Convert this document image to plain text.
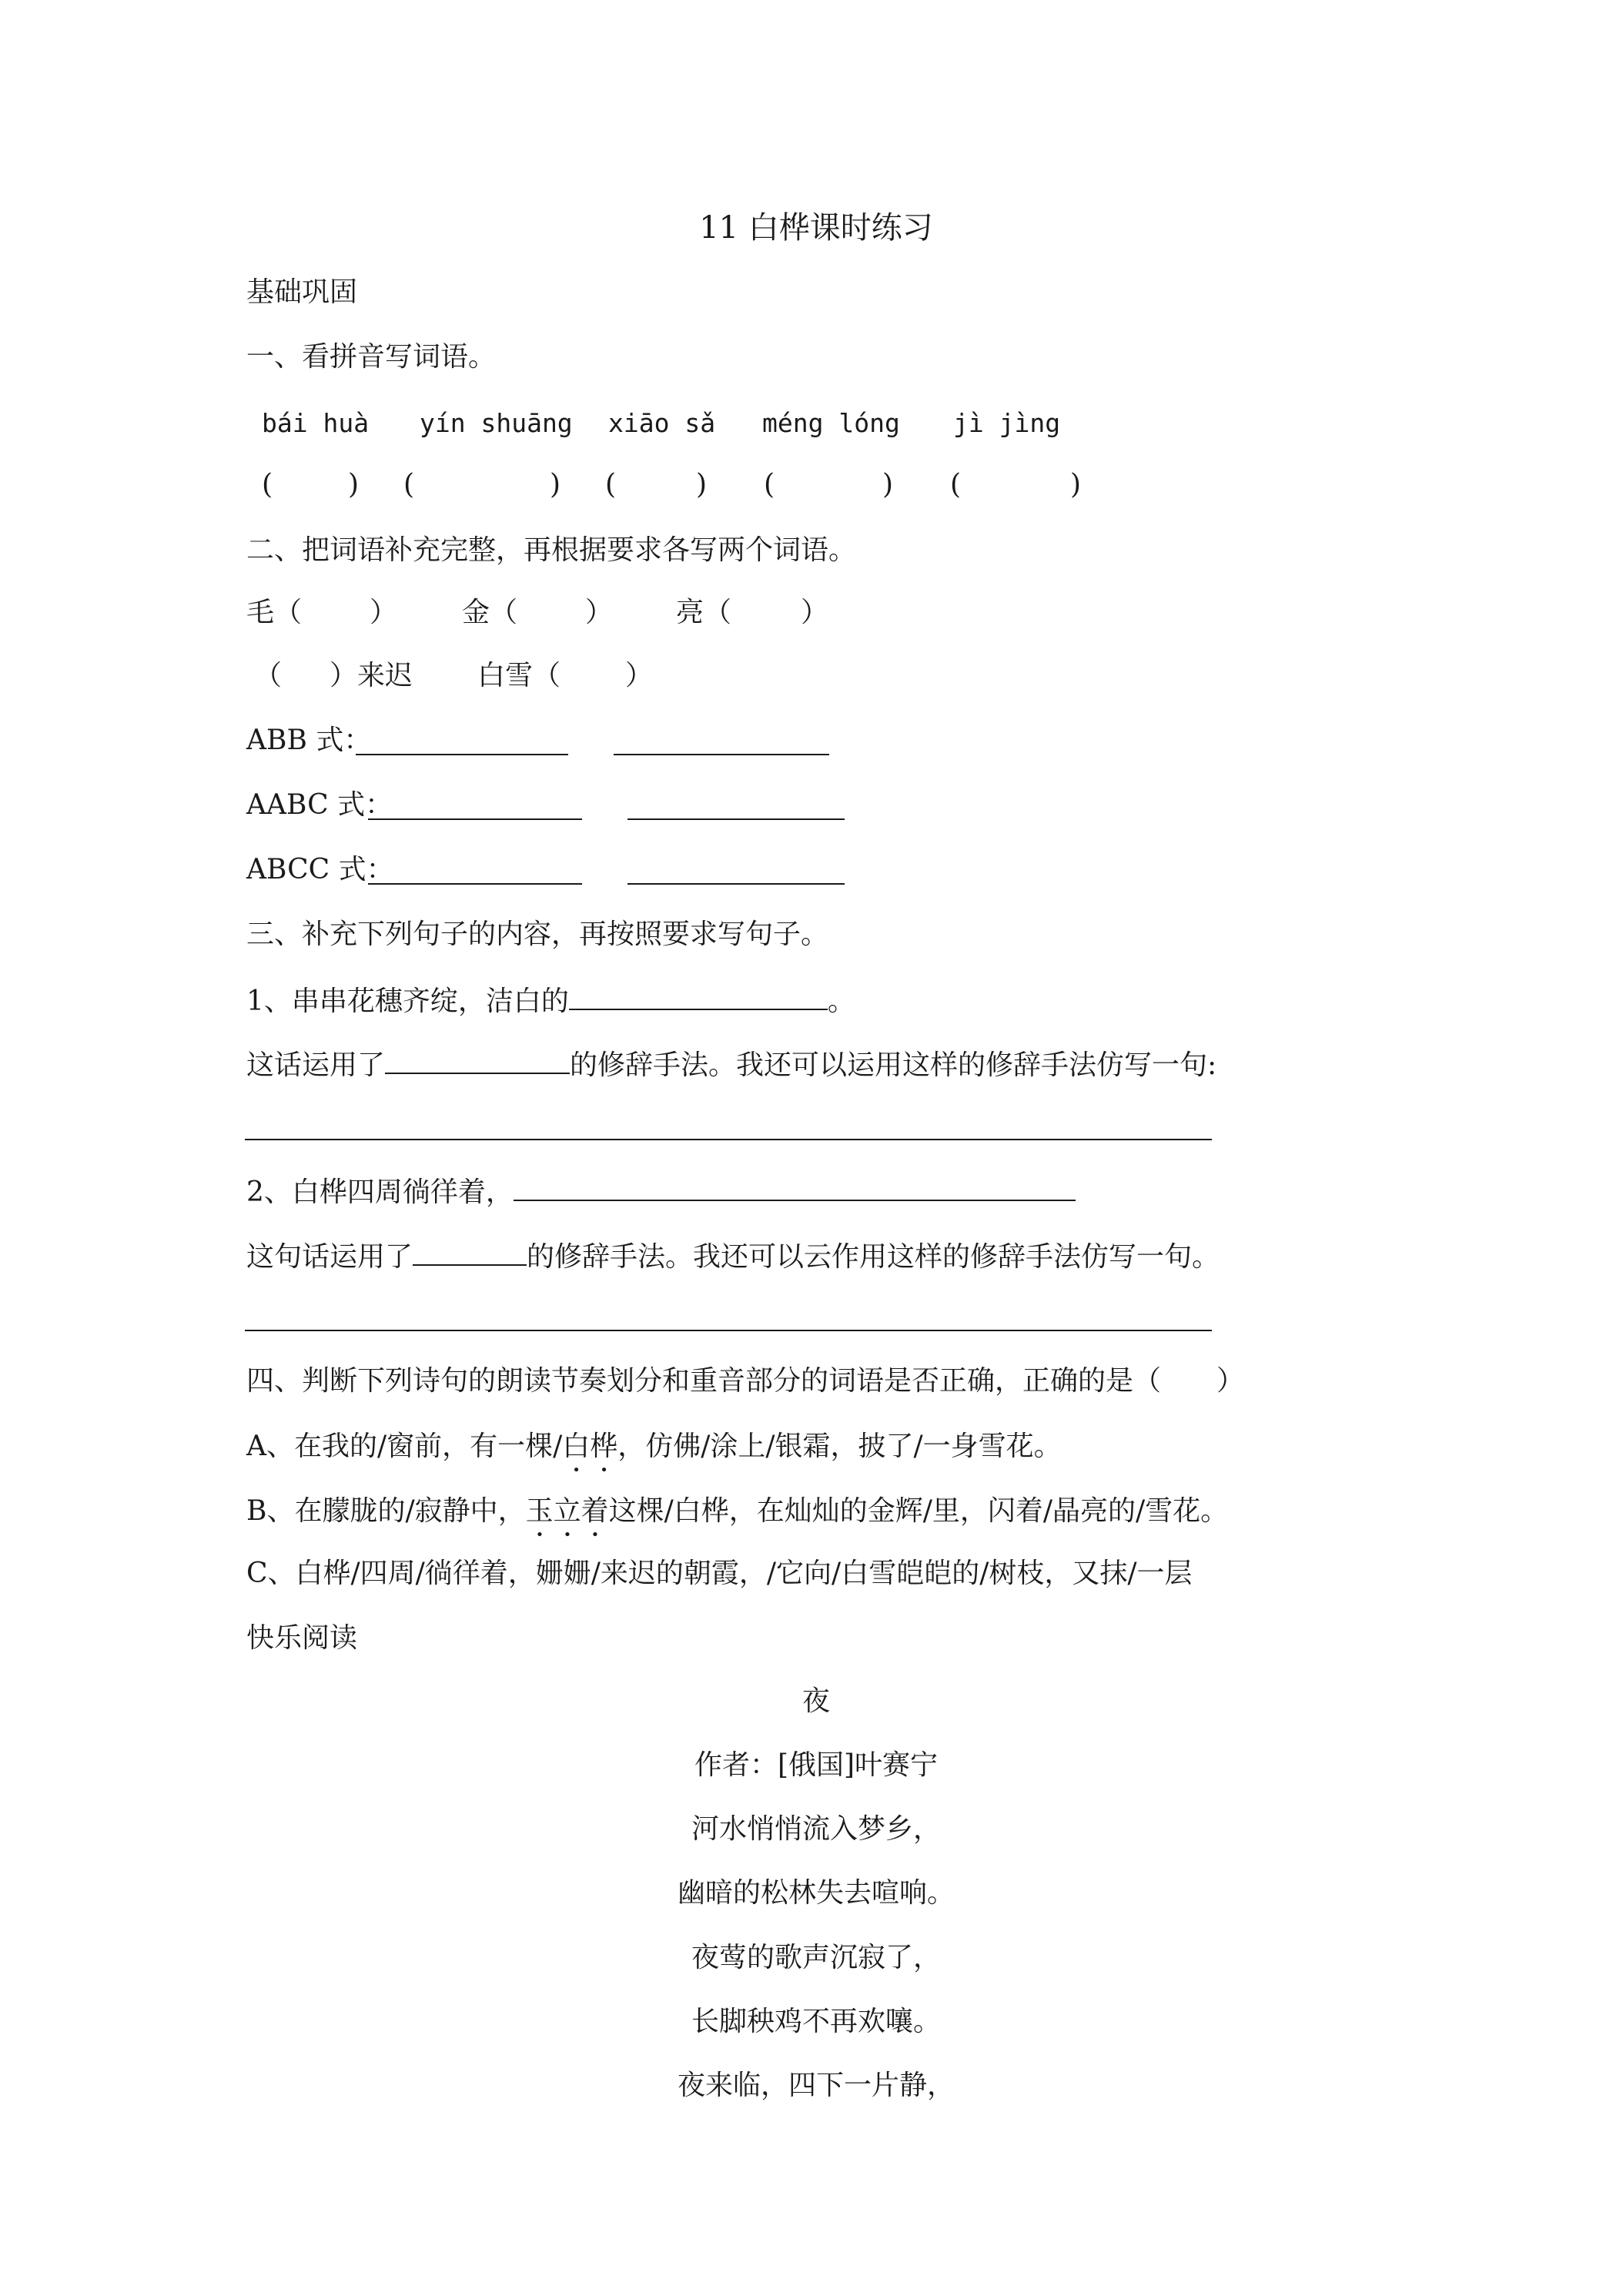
11 白桦课时练习
基础巩固
一、看拼音写词语。
bái huà yín shuāng xiāo sǎ méng lóng jì jìng
(	) (	) (	) (	) (	)
二、把词语补充完整，再根据要求各写两个词语。
毛（ ） 金（ ） 亮（ ）
（ ）来迟 白雪（ ）
ABB 式：
AABC 式：
ABCC 式：
三、补充下列句子的内容，再按照要求写句子。
1、串串花穗齐绽，洁白的	。
这话运用了	的修辞手法。我还可以运用这样的修辞手法仿写一句:
2、白桦四周徜徉着，
这句话运用了	的修辞手法。我还可以云作用这样的修辞手法仿写一句。
四、判断下列诗句的朗读节奏划分和重音部分的词语是否正确，正确的是（　　）
A、在我的/窗前，有一棵/白桦，仿佛/涂上/银霜，披了/一身雪花。
B、在朦胧的/寂静中，玉立着这棵/白桦，在灿灿的金辉/里，闪着/晶亮的/雪花。
C、白桦/四周/徜徉着，姗姗/来迟的朝霞，/它向/白雪皑皑的/树枝，又抹/一层
快乐阅读
夜
作者：[俄国]叶赛宁
河水悄悄流入梦乡，
幽暗的松林失去喧响。
夜莺的歌声沉寂了，
长脚秧鸡不再欢嚷。
夜来临，四下一片静，
